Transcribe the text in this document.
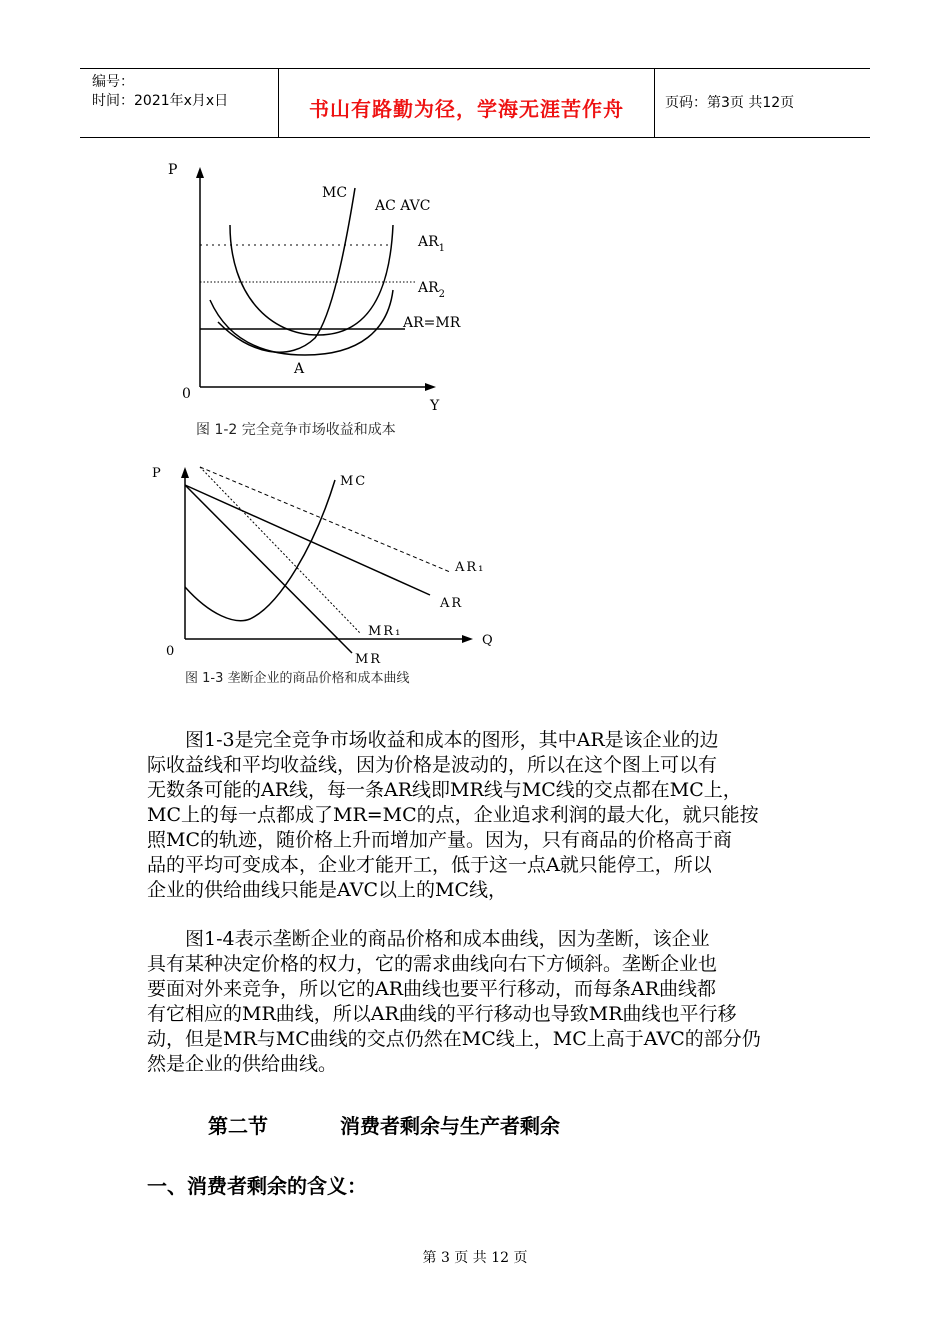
编号：
时间：2021年x月x日	书山有路勤为径，学海无涯苦作舟	页码：第3页 共12页
P
MC
AC AVC
$AR_1$
$AR_2$
AR=MR
A
0
Y
图 1-2 完全竞争市场收益和成本
P
MC
AR₁
AR
MR₁
Q
0
MR
图 1-3 垄断企业的商品价格和成本曲线
图1-3是完全竞争市场收益和成本的图形，其中AR是该企业的边
际收益线和平均收益线，因为价格是波动的，所以在这个图上可以有
无数条可能的AR线，每一条AR线即MR线与MC线的交点都在MC上，
MC上的每一点都成了MR=MC的点，企业追求利润的最大化，就只能按
照MC的轨迹，随价格上升而增加产量。因为，只有商品的价格高于商
品的平均可变成本，企业才能开工，低于这一点A就只能停工，所以
企业的供给曲线只能是AVC以上的MC线，
图1-4表示垄断企业的商品价格和成本曲线，因为垄断，该企业
具有某种决定价格的权力，它的需求曲线向右下方倾斜。垄断企业也
要面对外来竞争，所以它的AR曲线也要平行移动，而每条AR曲线都
有它相应的MR曲线，所以AR曲线的平行移动也导致MR曲线也平行移
动，但是MR与MC曲线的交点仍然在MC线上，MC上高于AVC的部分仍
然是企业的供给曲线。
第二节	消费者剩余与生产者剩余
一、消费者剩余的含义：
第 3 页 共 12 页
